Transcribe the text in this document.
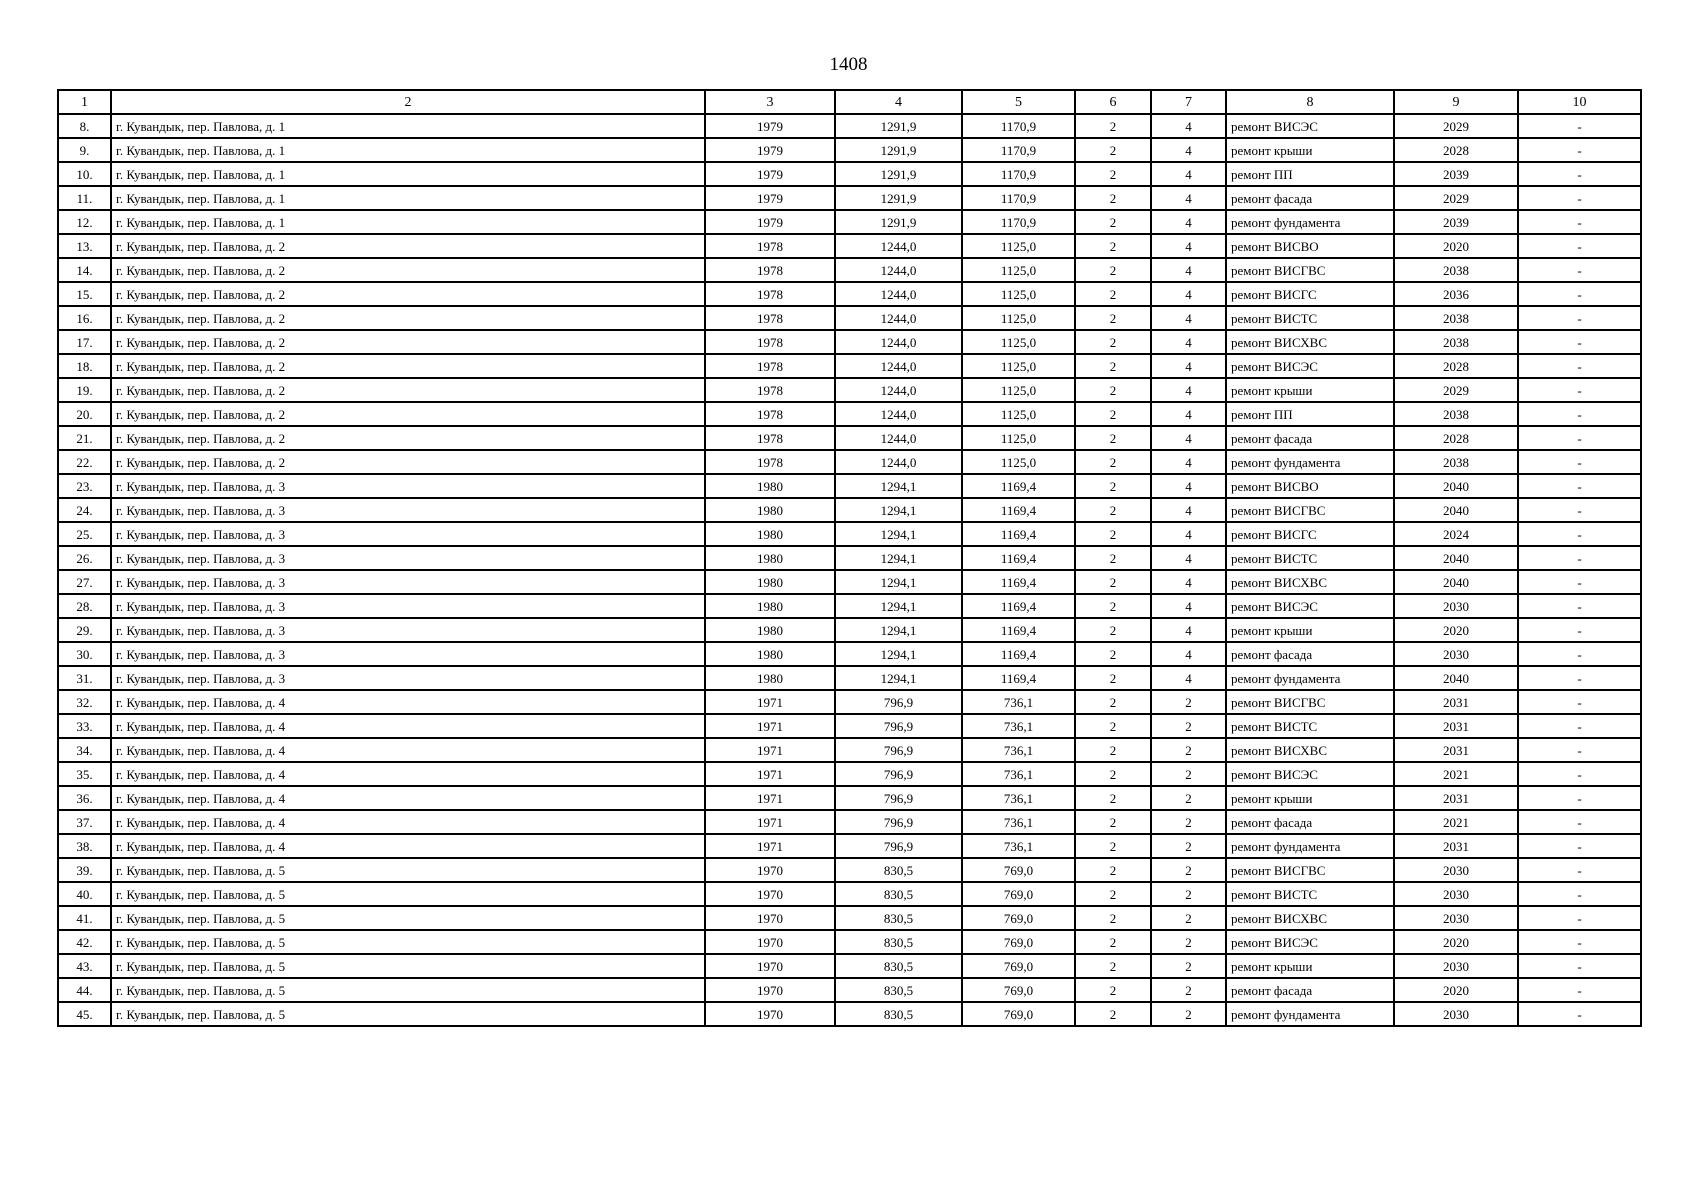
1408
1	2	3	4	5	6	7	8	9	10
8.	г. Кувандык, пер. Павлова, д. 1	1979	1291,9	1170,9	2	4	ремонт ВИСЭС	2029	-
9.	г. Кувандык, пер. Павлова, д. 1	1979	1291,9	1170,9	2	4	ремонт крыши	2028	-
10.	г. Кувандык, пер. Павлова, д. 1	1979	1291,9	1170,9	2	4	ремонт ПП	2039	-
11.	г. Кувандык, пер. Павлова, д. 1	1979	1291,9	1170,9	2	4	ремонт фасада	2029	-
12.	г. Кувандык, пер. Павлова, д. 1	1979	1291,9	1170,9	2	4	ремонт фундамента	2039	-
13.	г. Кувандык, пер. Павлова, д. 2	1978	1244,0	1125,0	2	4	ремонт ВИСВО	2020	-
14.	г. Кувандык, пер. Павлова, д. 2	1978	1244,0	1125,0	2	4	ремонт ВИСГВС	2038	-
15.	г. Кувандык, пер. Павлова, д. 2	1978	1244,0	1125,0	2	4	ремонт ВИСГС	2036	-
16.	г. Кувандык, пер. Павлова, д. 2	1978	1244,0	1125,0	2	4	ремонт ВИСТС	2038	-
17.	г. Кувандык, пер. Павлова, д. 2	1978	1244,0	1125,0	2	4	ремонт ВИСХВС	2038	-
18.	г. Кувандык, пер. Павлова, д. 2	1978	1244,0	1125,0	2	4	ремонт ВИСЭС	2028	-
19.	г. Кувандык, пер. Павлова, д. 2	1978	1244,0	1125,0	2	4	ремонт крыши	2029	-
20.	г. Кувандык, пер. Павлова, д. 2	1978	1244,0	1125,0	2	4	ремонт ПП	2038	-
21.	г. Кувандык, пер. Павлова, д. 2	1978	1244,0	1125,0	2	4	ремонт фасада	2028	-
22.	г. Кувандык, пер. Павлова, д. 2	1978	1244,0	1125,0	2	4	ремонт фундамента	2038	-
23.	г. Кувандык, пер. Павлова, д. 3	1980	1294,1	1169,4	2	4	ремонт ВИСВО	2040	-
24.	г. Кувандык, пер. Павлова, д. 3	1980	1294,1	1169,4	2	4	ремонт ВИСГВС	2040	-
25.	г. Кувандык, пер. Павлова, д. 3	1980	1294,1	1169,4	2	4	ремонт ВИСГС	2024	-
26.	г. Кувандык, пер. Павлова, д. 3	1980	1294,1	1169,4	2	4	ремонт ВИСТС	2040	-
27.	г. Кувандык, пер. Павлова, д. 3	1980	1294,1	1169,4	2	4	ремонт ВИСХВС	2040	-
28.	г. Кувандык, пер. Павлова, д. 3	1980	1294,1	1169,4	2	4	ремонт ВИСЭС	2030	-
29.	г. Кувандык, пер. Павлова, д. 3	1980	1294,1	1169,4	2	4	ремонт крыши	2020	-
30.	г. Кувандык, пер. Павлова, д. 3	1980	1294,1	1169,4	2	4	ремонт фасада	2030	-
31.	г. Кувандык, пер. Павлова, д. 3	1980	1294,1	1169,4	2	4	ремонт фундамента	2040	-
32.	г. Кувандык, пер. Павлова, д. 4	1971	796,9	736,1	2	2	ремонт ВИСГВС	2031	-
33.	г. Кувандык, пер. Павлова, д. 4	1971	796,9	736,1	2	2	ремонт ВИСТС	2031	-
34.	г. Кувандык, пер. Павлова, д. 4	1971	796,9	736,1	2	2	ремонт ВИСХВС	2031	-
35.	г. Кувандык, пер. Павлова, д. 4	1971	796,9	736,1	2	2	ремонт ВИСЭС	2021	-
36.	г. Кувандык, пер. Павлова, д. 4	1971	796,9	736,1	2	2	ремонт крыши	2031	-
37.	г. Кувандык, пер. Павлова, д. 4	1971	796,9	736,1	2	2	ремонт фасада	2021	-
38.	г. Кувандык, пер. Павлова, д. 4	1971	796,9	736,1	2	2	ремонт фундамента	2031	-
39.	г. Кувандык, пер. Павлова, д. 5	1970	830,5	769,0	2	2	ремонт ВИСГВС	2030	-
40.	г. Кувандык, пер. Павлова, д. 5	1970	830,5	769,0	2	2	ремонт ВИСТС	2030	-
41.	г. Кувандык, пер. Павлова, д. 5	1970	830,5	769,0	2	2	ремонт ВИСХВС	2030	-
42.	г. Кувандык, пер. Павлова, д. 5	1970	830,5	769,0	2	2	ремонт ВИСЭС	2020	-
43.	г. Кувандык, пер. Павлова, д. 5	1970	830,5	769,0	2	2	ремонт крыши	2030	-
44.	г. Кувандык, пер. Павлова, д. 5	1970	830,5	769,0	2	2	ремонт фасада	2020	-
45.	г. Кувандык, пер. Павлова, д. 5	1970	830,5	769,0	2	2	ремонт фундамента	2030	-
